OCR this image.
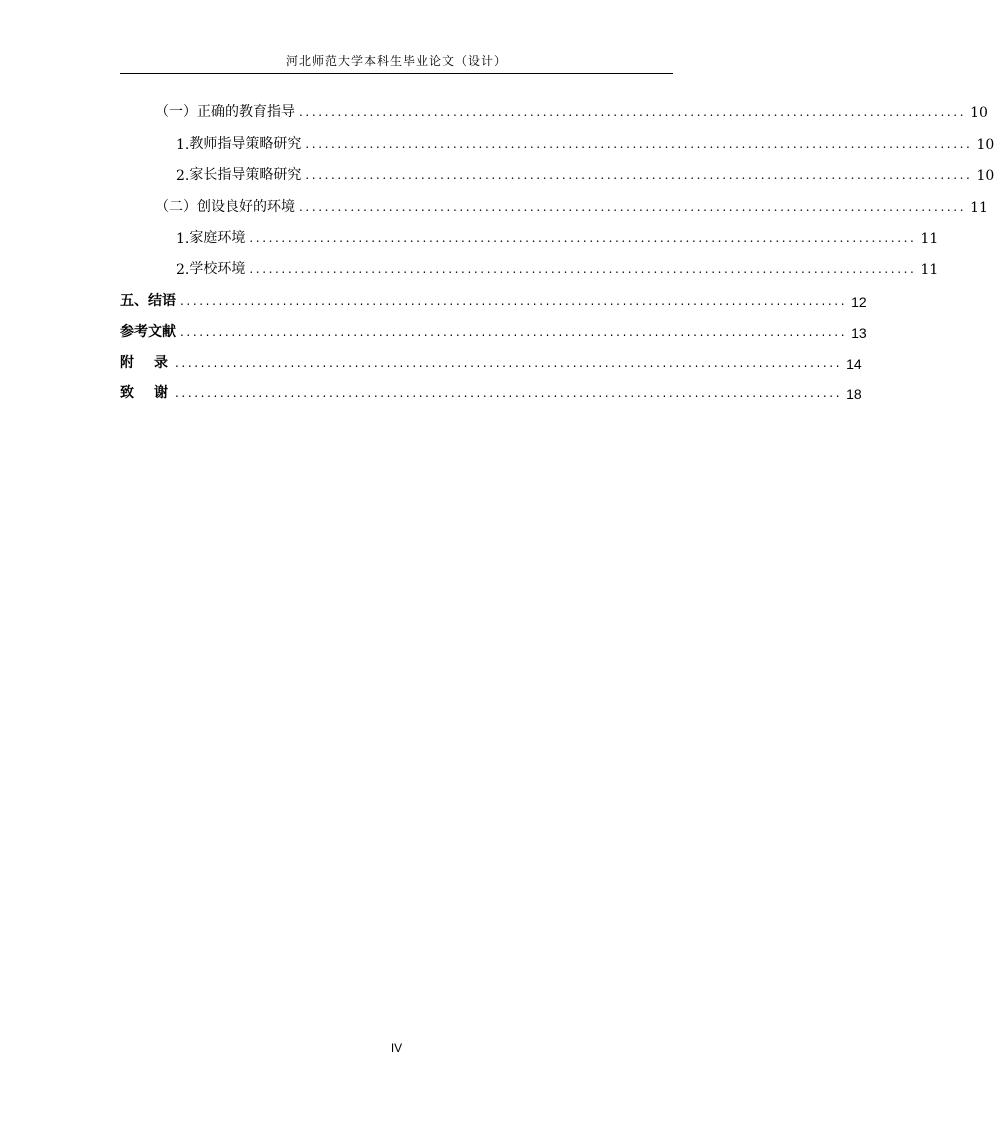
河北师范大学本科生毕业论文（设计）
（一） 正确的教育指导 ........................................................................................................ 10
1. 教师指导策略研究 ........................................................................................................ 10
2. 家长指导策略研究 ........................................................................................................ 10
（二） 创设良好的环境 ........................................................................................................ 11
1. 家庭环境 ........................................................................................................ 11
2. 学校环境 ........................................................................................................ 11
五、 结语 ........................................................................................................ 12
参考文献 ........................................................................................................ 13
附　录 ........................................................................................................ 14
致　谢 ........................................................................................................ 18
IV
